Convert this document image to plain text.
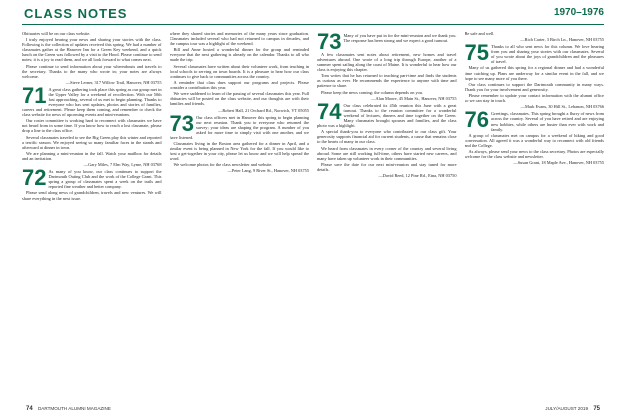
CLASS NOTES	1970–1976

Obituaries will be on our class website.

I truly enjoyed hearing your news and sharing your stories with the class. Following is the collection of updates received this spring. We had a number of classmates gather at the Hanover Inn for a Green Key weekend, and a quick lunch on the Green was followed by a visit to the Hood. Please continue to send notes; it is a joy to read them, and we all look forward to what comes next.

Please continue to send information about your whereabouts and travels to the secretary. Thanks to the many who wrote in; your notes are always welcome.

—Steve Lerner, 317 Willow Trail, Hanover, NH 03755

71 A great class gathering took place this spring as our group met in the Upper Valley for a weekend of recollection. With our 50th fast approaching, several of us met to begin planning. Thanks to everyone who has sent updates, photos and stories of families, careers and retirement. Please keep them coming, and remember to check the class website for news of upcoming events and mini-reunions.

Our roster committee is working hard to reconnect with classmates we have not heard from in some time. If you know how to reach a lost classmate, please drop a line to the class office.

Several classmates traveled to see the Big Green play this winter and reported a terrific season. We enjoyed seeing so many familiar faces in the stands and afterward at dinner in town.

We are planning a mini-reunion in the fall. Watch your mailbox for details and an invitation.

—Gary Miles, 7 Elm Way, Lyme, NH 03768

72 As many of you know, our class continues to support the Dartmouth Outing Club and the work of the College Grant. This spring a group of classmates spent a week on the trails and reported fine weather and better company.

Please send along news of grandchildren, travels and new ventures. We will share everything in the next issue.

where they shared stories and memories of the many years since graduation. Classmates included several who had not returned to campus in decades, and the campus tour was a highlight of the weekend.

Bill and Anne hosted a wonderful dinner for the group and reminded everyone that the next gathering is already on the calendar. Thanks to all who made the trip.

Several classmates have written about their volunteer work, from teaching in local schools to serving on town boards. It is a pleasure to hear how our class continues to give back to communities across the country.

A reminder that class dues support our programs and projects. Please consider a contribution this year.

We were saddened to learn of the passing of several classmates this year. Full obituaries will be posted on the class website, and our thoughts are with their families and friends.

—Robert Hall, 21 Orchard Rd., Norwich, VT 05055

73 Our class officers met in Hanover this spring to begin planning our next reunion. Thank you to everyone who returned the survey; your ideas are shaping the program. A number of you asked for more time to simply visit with one another, and we have listened.

Classmates living in the Boston area gathered for a dinner in April, and a similar event is being planned in New York for the fall. If you would like to host a get-together in your city, please let us know and we will help spread the word.

We welcome photos for the class newsletter and website.

—Peter Lang, 9 River St., Hanover, NH 03755

73 Many of you have put in for the mini-reunion and we thank you. The response has been strong and we expect a good turnout.

A few classmates sent notes about retirement, new homes and travel adventures abroad. One wrote of a long trip through Europe, another of a summer spent sailing along the coast of Maine. It is wonderful to hear how our class is enjoying this chapter.

Tom writes that he has returned to teaching part-time and finds the students as curious as ever. He recommends the experience to anyone with time and patience to share.

Please keep the news coming; the column depends on you.

—Alan Moore, 45 Main St., Hanover, NH 03755

74 Our class celebrated its 45th reunion this June with a great turnout. Thanks to the reunion committee for a wonderful weekend of lectures, dinners and time together on the Green. Many classmates brought spouses and families, and the class photo was a highlight.

A special thank-you to everyone who contributed to our class gift. Your generosity supports financial aid for current students, a cause that remains close to the hearts of many in our class.

We heard from classmates in every corner of the country and several living abroad. Some are still working full-time, others have started new careers, and many have taken up volunteer work in their communities.

Please save the date for our next mini-reunion and stay tuned for more details.

—David Reed, 12 Pine Rd., Etna, NH 03750

Be safe and well.

—Rich Carter, 3 Birch Ln., Hanover, NH 03755

75 Thanks to all who sent news for this column. We love hearing from you and sharing your stories with our classmates. Several of you wrote about the joys of grandchildren and the pleasures of travel.

Many of us gathered this spring for a regional dinner and had a wonderful time catching up. Plans are underway for a similar event in the fall, and we hope to see many more of you there.

Our class continues to support the Dartmouth community in many ways. Thank you for your involvement and generosity.

Please remember to update your contact information with the alumni office so we can stay in touch.

—Mark Evans, 30 Hill St., Lebanon, NH 03766

76 Greetings, classmates. This spring brought a flurry of news from across the country. Several of you have retired and are enjoying new hobbies, while others are busier than ever with work and family.

A group of classmates met on campus for a weekend of hiking and good conversation. All agreed it was a wonderful way to reconnect with old friends and the College.

As always, please send your news to the class secretary. Photos are especially welcome for the class website and newsletter.

—Susan Grant, 18 Maple Ave., Hanover, NH 03755

74 DARTMOUTH ALUMNI MAGAZINE	JULY/AUGUST 2019 75
